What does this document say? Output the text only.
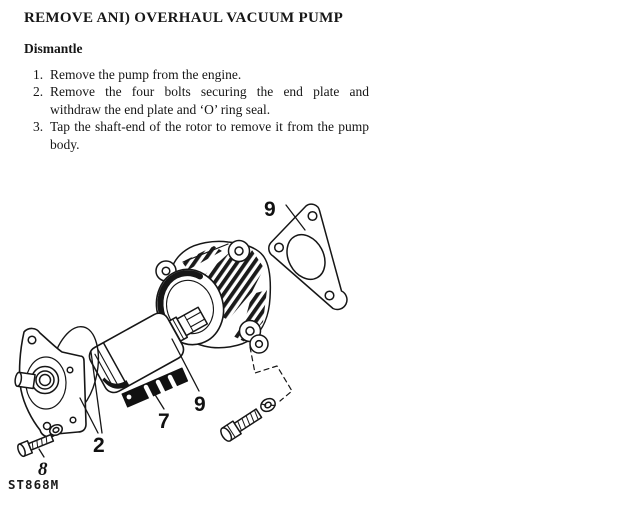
REMOVE ANI) OVERHAUL VACUUM PUMP
Dismantle
1. Remove the pump from the engine.
2. Remove the four bolts securing the end plate and withdraw the end plate and ‘O’ ring seal.
3. Tap the shaft-end of the rotor to remove it from the pump body.
9
9
7
2
8
ST868M
